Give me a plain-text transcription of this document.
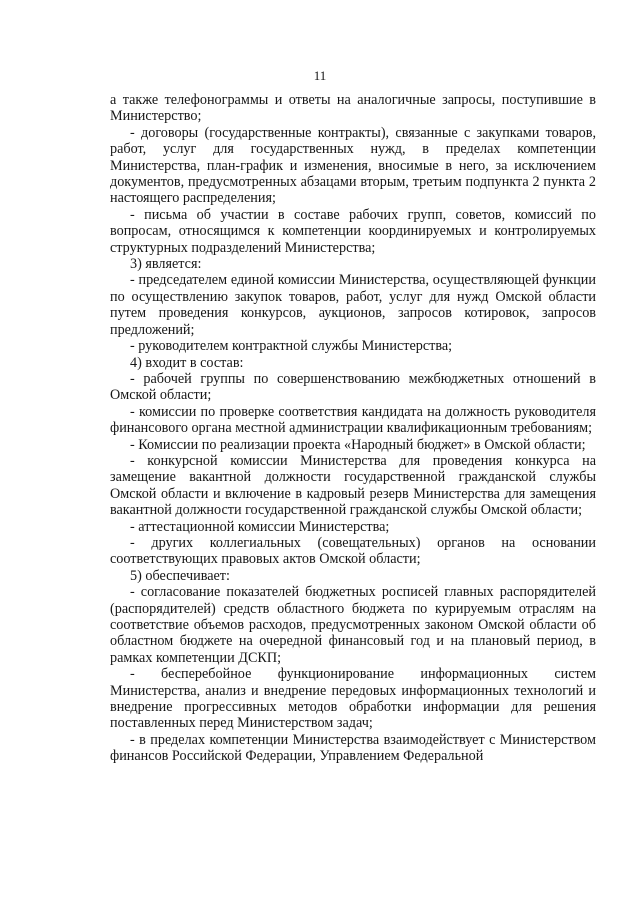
11

а также телефонограммы и ответы на аналогичные запросы, поступившие в Министерство;

- договоры (государственные контракты), связанные с закупками товаров, работ, услуг для государственных нужд, в пределах компетенции Министерства, план-график и изменения, вносимые в него, за исключением документов, предусмотренных абзацами вторым, третьим подпункта 2 пункта 2 настоящего распределения;

- письма об участии в составе рабочих групп, советов, комиссий по вопросам, относящимся к компетенции координируемых и контролируемых структурных подразделений Министерства;

3) является:

- председателем единой комиссии Министерства, осуществляющей функции по осуществлению закупок товаров, работ, услуг для нужд Омской области путем проведения конкурсов, аукционов, запросов котировок, запросов предложений;

- руководителем контрактной службы Министерства;

4) входит в состав:

- рабочей группы по совершенствованию межбюджетных отношений в Омской области;

- комиссии по проверке соответствия кандидата на должность руководителя финансового органа местной администрации квалификационным требованиям;

- Комиссии по реализации проекта «Народный бюджет» в Омской области;

- конкурсной комиссии Министерства для проведения конкурса на замещение вакантной должности государственной гражданской службы Омской области и включение в кадровый резерв Министерства для замещения вакантной должности государственной гражданской службы Омской области;

- аттестационной комиссии Министерства;

- других коллегиальных (совещательных) органов на основании соответствующих правовых актов Омской области;

5) обеспечивает:

- согласование показателей бюджетных росписей главных распорядителей (распорядителей) средств областного бюджета по курируемым отраслям на соответствие объемов расходов, предусмотренных законом Омской области об областном бюджете на очередной финансовый год и на плановый период, в рамках компетенции ДСКП;

- бесперебойное функционирование информационных систем Министерства, анализ и внедрение передовых информационных технологий и внедрение прогрессивных методов обработки информации для решения поставленных перед Министерством задач;

- в пределах компетенции Министерства взаимодействует с Министерством финансов Российской Федерации, Управлением Федеральной
